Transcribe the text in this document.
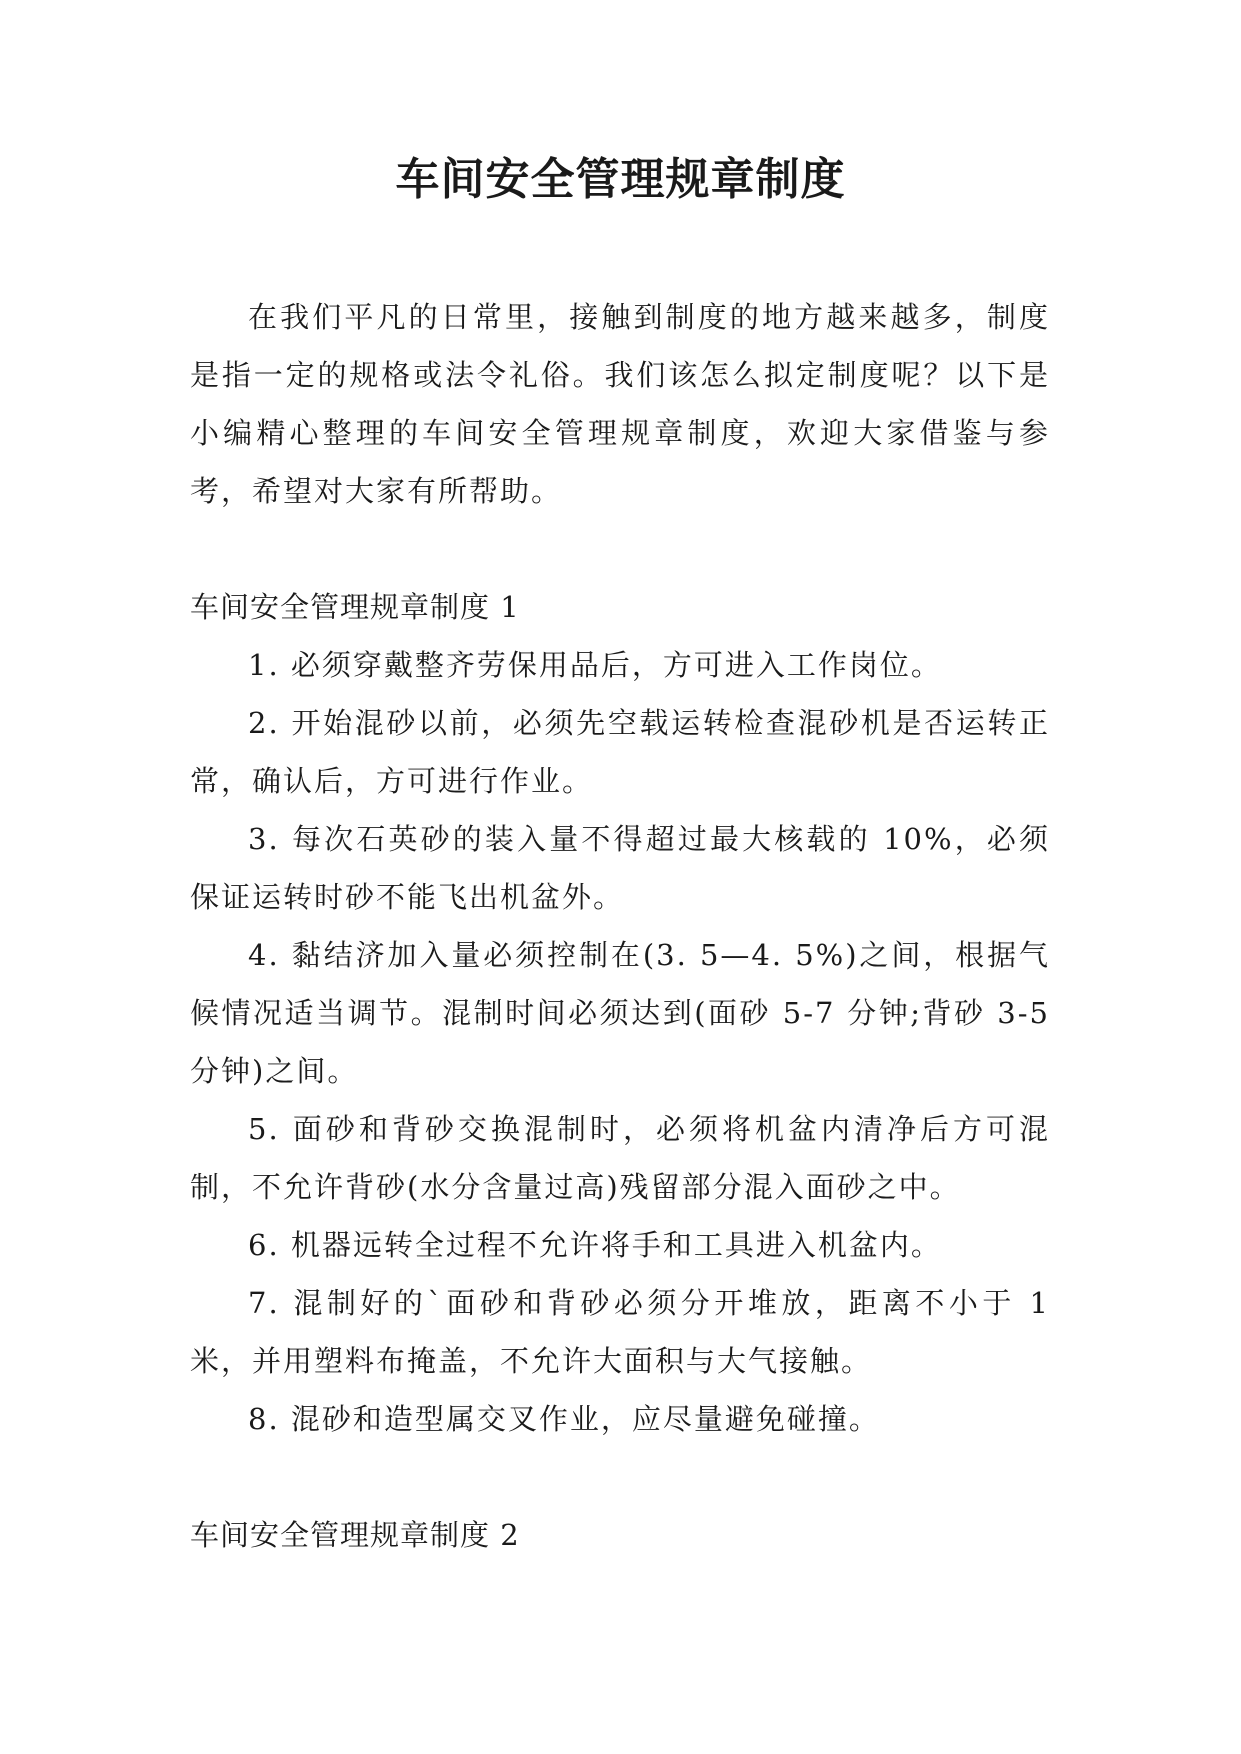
车间安全管理规章制度

在我们平凡的日常里，接触到制度的地方越来越多，制度是指一定的规格或法令礼俗。我们该怎么拟定制度呢？以下是小编精心整理的车间安全管理规章制度，欢迎大家借鉴与参考，希望对大家有所帮助。

车间安全管理规章制度 1

1. 必须穿戴整齐劳保用品后，方可进入工作岗位。

2. 开始混砂以前，必须先空载运转检查混砂机是否运转正常，确认后，方可进行作业。

3. 每次石英砂的装入量不得超过最大核载的 10%，必须保证运转时砂不能飞出机盆外。

4. 黏结济加入量必须控制在(3. 5—4. 5%)之间，根据气候情况适当调节。混制时间必须达到(面砂 5-7 分钟;背砂 3-5 分钟)之间。

5. 面砂和背砂交换混制时，必须将机盆内清净后方可混制，不允许背砂(水分含量过高)残留部分混入面砂之中。

6. 机器远转全过程不允许将手和工具进入机盆内。

7. 混制好的`面砂和背砂必须分开堆放，距离不小于 1 米，并用塑料布掩盖，不允许大面积与大气接触。

8. 混砂和造型属交叉作业，应尽量避免碰撞。

车间安全管理规章制度 2
